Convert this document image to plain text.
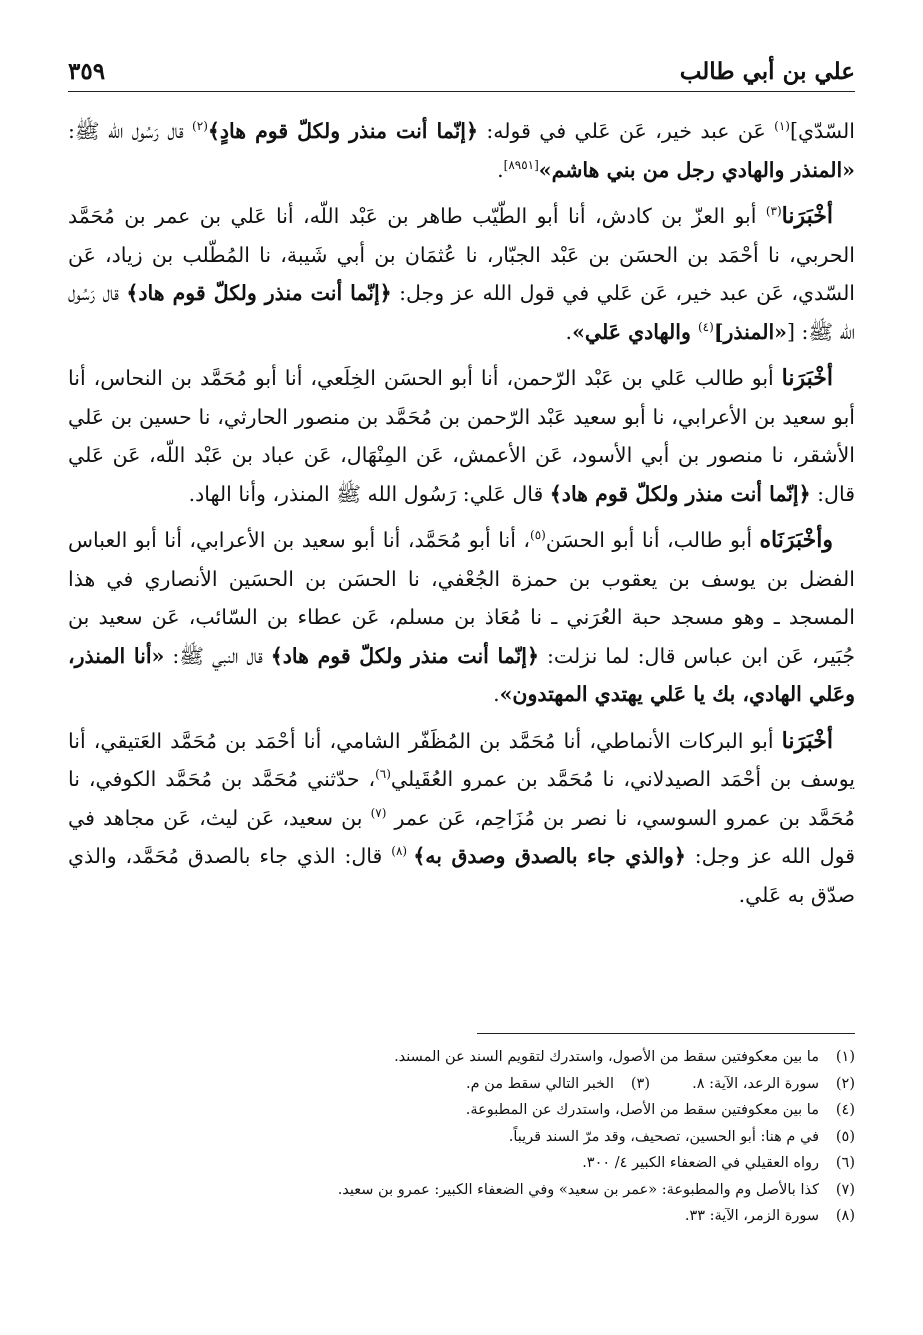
علي بن أبي طالب
٣٥٩

السّدّي]$^{(١)}$ عَن عبد خير، عَن عَلي في قوله: ﴿إنّما أنت منذر ولكلّ قوم هادٍ﴾$^{(٢)}$ قال رَسُول الله ﷺ: «المنذر والهادي رجل من بني هاشم»[٨٩٥١].

أخْبَرَنا$^{(٣)}$ أبو العزّ بن كادش، أنا أبو الطّيّب طاهر بن عَبْد اللّه، أنا عَلي بن عمر بن مُحَمَّد الحربي، نا أحْمَد بن الحسَن بن عَبْد الجبّار، نا عُثمَان بن أبي شَيبة، نا المُطّلب بن زياد، عَن السّدي، عَن عبد خير، عَن عَلي في قول الله عز وجل: ﴿إنّما أنت منذر ولكلّ قوم هاد﴾ قال رَسُول الله ﷺ: [«المنذر]$^{(٤)}$ والهادي عَلي».

أخْبَرَنا أبو طالب عَلي بن عَبْد الرّحمن، أنا أبو الحسَن الخِلَعي، أنا أبو مُحَمَّد بن النحاس، أنا أبو سعيد بن الأعرابي، نا أبو سعيد عَبْد الرّحمن بن مُحَمَّد بن منصور الحارثي، نا حسين بن عَلي الأشقر، نا منصور بن أبي الأسود، عَن الأعمش، عَن المِنْهَال، عَن عباد بن عَبْد اللّه، عَن عَلي قال: ﴿إنّما أنت منذر ولكلّ قوم هاد﴾ قال عَلي: رَسُول الله ﷺ المنذر، وأنا الهاد.

وأخْبَرَنَاه أبو طالب، أنا أبو الحسَن$^{(٥)}$، أنا أبو مُحَمَّد، أنا أبو سعيد بن الأعرابي، أنا أبو العباس الفضل بن يوسف بن يعقوب بن حمزة الجُعْفي، نا الحسَن بن الحسَين الأنصاري في هذا المسجد ـ وهو مسجد حبة العُرَني ـ نا مُعَاذ بن مسلم، عَن عطاء بن السّائب، عَن سعيد بن جُبَير، عَن ابن عباس قال: لما نزلت: ﴿إنّما أنت منذر ولكلّ قوم هاد﴾ قال النبي ﷺ: «أنا المنذر، وعَلي الهادي، بك يا عَلي يهتدي المهتدون».

أخْبَرَنا أبو البركات الأنماطي، أنا مُحَمَّد بن المُظَفّر الشامي، أنا أحْمَد بن مُحَمَّد العَتيقي، أنا يوسف بن أحْمَد الصيدلاني، نا مُحَمَّد بن عمرو العُقَيلي$^{(٦)}$، حدّثني مُحَمَّد بن مُحَمَّد الكوفي، نا مُحَمَّد بن عمرو السوسي، نا نصر بن مُزَاحِم، عَن عمر $^{(٧)}$ بن سعيد، عَن ليث، عَن مجاهد في قول الله عز وجل: ﴿والذي جاء بالصدق وصدق به﴾ $^{(٨)}$ قال: الذي جاء بالصدق مُحَمَّد، والذي صدّق به عَلي.

(١)
ما بين معكوفتين سقط من الأصول، واستدرك لتقويم السند عن المسند.
(٢)
سورة الرعد، الآية: ٨.
(٣)
الخبر التالي سقط من م.
(٤)
ما بين معكوفتين سقط من الأصل، واستدرك عن المطبوعة.
(٥)
في م هنا: أبو الحسين، تصحيف، وقد مرّ السند قريباً.
(٦)
رواه العقيلي في الضعفاء الكبير ٤/ ٣٠٠.
(٧)
كذا بالأصل وم والمطبوعة: «عمر بن سعيد» وفي الضعفاء الكبير: عمرو بن سعيد.
(٨)
سورة الزمر، الآية: ٣٣.
